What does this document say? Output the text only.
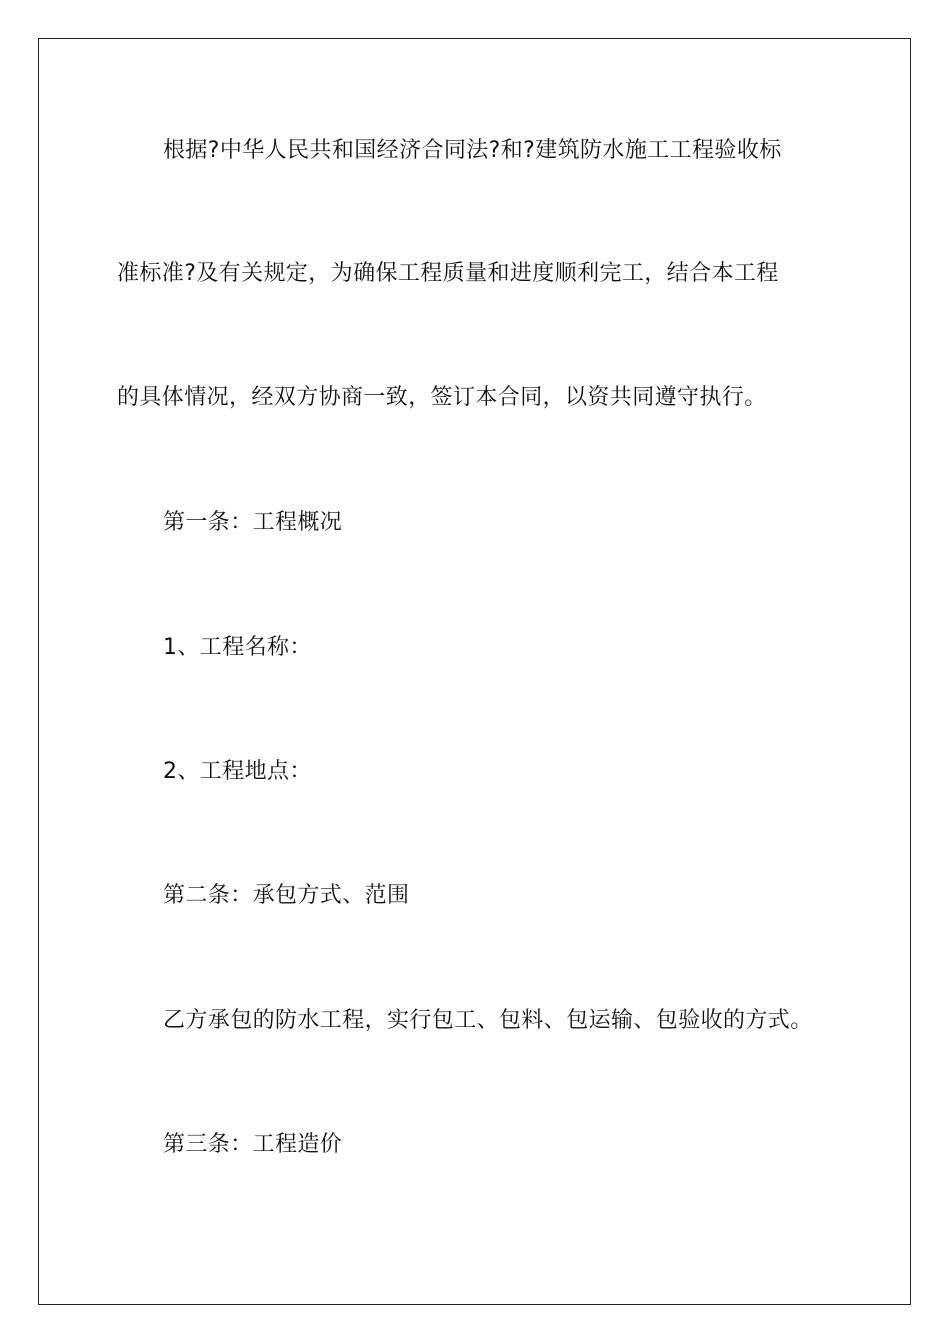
根据?中华人民共和国经济合同法?和?建筑防水施工工程验收标

准标准?及有关规定，为确保工程质量和进度顺利完工，结合本工程

的具体情况，经双方协商一致，签订本合同，以资共同遵守执行。

第一条：工程概况

1、工程名称：

2、工程地点：

第二条：承包方式、范围

乙方承包的防水工程，实行包工、包料、包运输、包验收的方式。

第三条：工程造价
